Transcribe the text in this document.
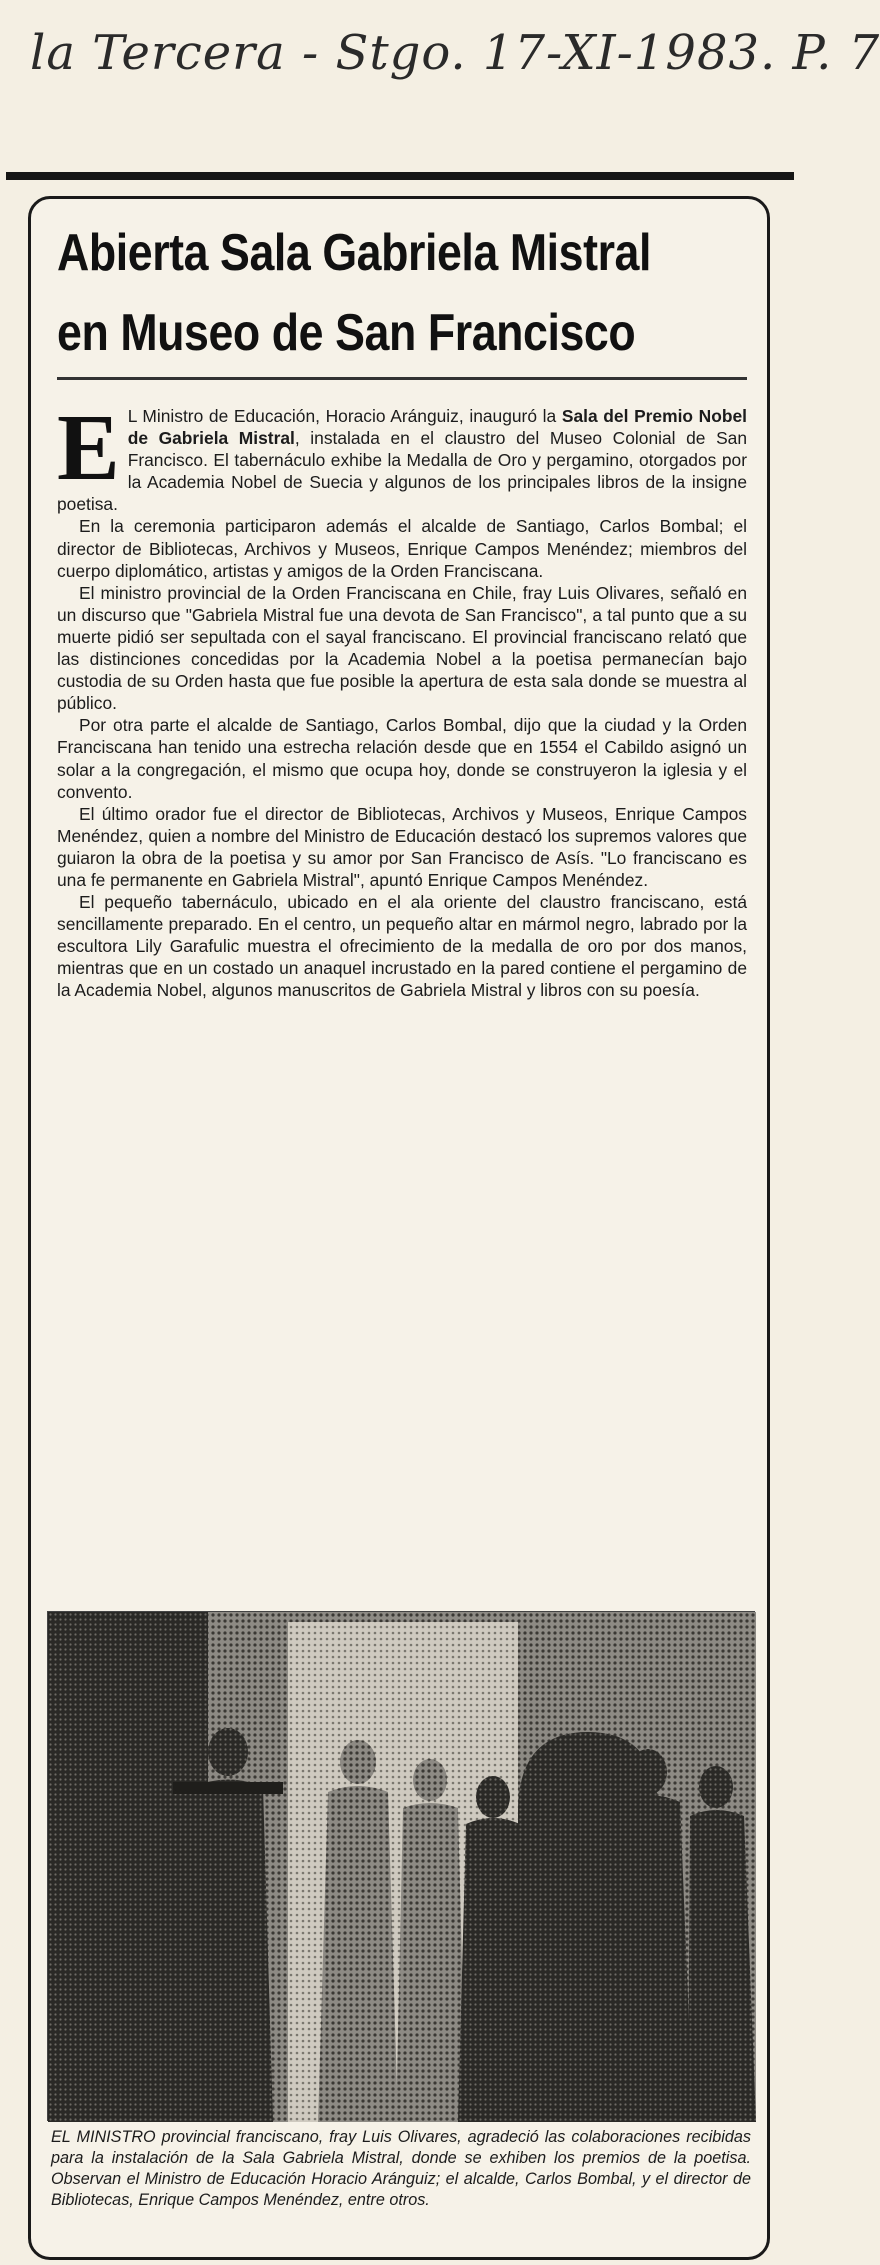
la Tercera - Stgo. 17-XI-1983. P. 7
Abierta Sala Gabriela Mistral
en Museo de San Francisco

E L Ministro de Educación, Horacio Aránguiz, inauguró la Sala del Premio Nobel de Gabriela Mistral, instalada en el claustro del Museo Colonial de San Francisco. El tabernáculo exhibe la Medalla de Oro y pergamino, otorgados por la Academia Nobel de Suecia y algunos de los principales libros de la insigne poetisa.

En la ceremonia participaron además el alcalde de Santiago, Carlos Bombal; el director de Bibliotecas, Archivos y Museos, Enrique Campos Menéndez; miembros del cuerpo diplomático, artistas y amigos de la Orden Franciscana.

El ministro provincial de la Orden Franciscana en Chile, fray Luis Olivares, señaló en un discurso que "Gabriela Mistral fue una devota de San Francisco", a tal punto que a su muerte pidió ser sepultada con el sayal franciscano. El provincial franciscano relató que las distinciones concedidas por la Academia Nobel a la poetisa permanecían bajo custodia de su Orden hasta que fue posible la apertura de esta sala donde se muestra al público.

Por otra parte el alcalde de Santiago, Carlos Bombal, dijo que la ciudad y la Orden Franciscana han tenido una estrecha relación desde que en 1554 el Cabildo asignó un solar a la congregación, el mismo que ocupa hoy, donde se construyeron la iglesia y el convento.

El último orador fue el director de Bibliotecas, Archivos y Museos, Enrique Campos Menéndez, quien a nombre del Ministro de Educación destacó los supremos valores que guiaron la obra de la poetisa y su amor por San Francisco de Asís. "Lo franciscano es una fe permanente en Gabriela Mistral", apuntó Enrique Campos Menéndez.

El pequeño tabernáculo, ubicado en el ala oriente del claustro franciscano, está sencillamente preparado. En el centro, un pequeño altar en mármol negro, labrado por la escultora Lily Garafulic muestra el ofrecimiento de la medalla de oro por dos manos, mientras que en un costado un anaquel incrustado en la pared contiene el pergamino de la Academia Nobel, algunos manuscritos de Gabriela Mistral y libros con su poesía.

EL MINISTRO provincial franciscano, fray Luis Olivares, agradeció las colaboraciones recibidas para la instalación de la Sala Gabriela Mistral, donde se exhiben los premios de la poetisa. Observan el Ministro de Educación Horacio Aránguiz; el alcalde, Carlos Bombal, y el director de Bibliotecas, Enrique Campos Menéndez, entre otros.
